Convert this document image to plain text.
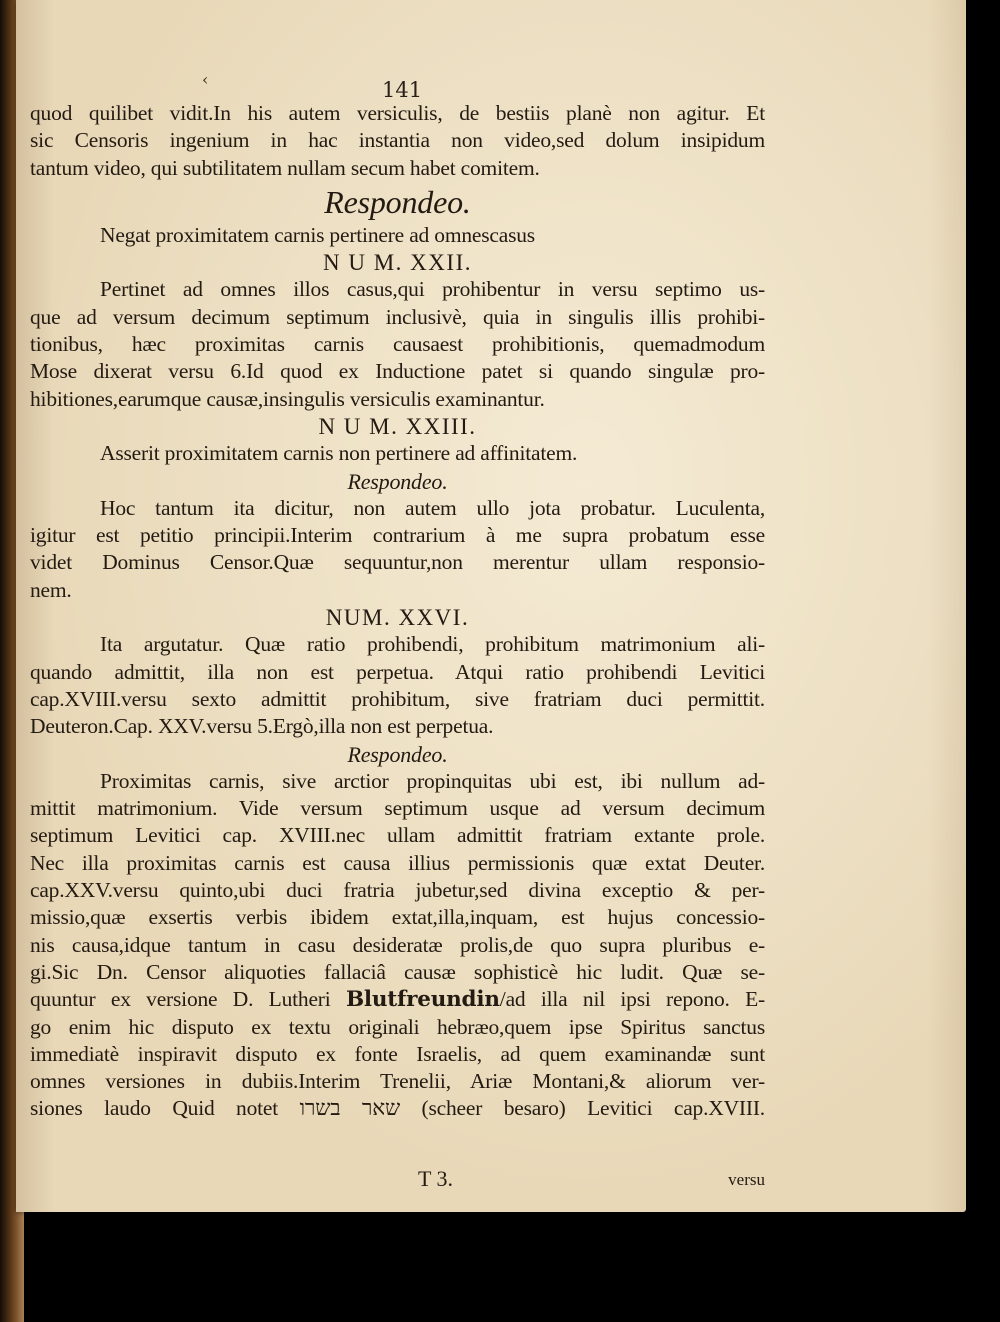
‹	141
quod quilibet vidit.In his autem versiculis, de bestiis planè non agitur. Et
sic Censoris ingenium in hac instantia non video,sed dolum insipidum
tantum video, qui subtilitatem nullam secum habet comitem.
Respondeo.
Negat proximitatem carnis pertinere ad omnescasus
N U M. XXII.
Pertinet ad omnes illos casus,qui prohibentur in versu septimo us-
que ad versum decimum septimum inclusivè, quia in singulis illis prohibi-
tionibus, hæc proximitas carnis causaest prohibitionis, quemadmodum
Mose dixerat versu 6.Id quod ex Inductione patet si quando singulæ pro-
hibitiones,earumque causæ,insingulis versiculis examinantur.
N U M. XXIII.
Asserit proximitatem carnis non pertinere ad affinitatem.
Respondeo.
Hoc tantum ita dicitur, non autem ullo jota probatur. Luculenta,
igitur est petitio principii.Interim contrarium à me supra probatum esse
videt Dominus Censor.Quæ sequuntur,non merentur ullam responsio-
nem.
NUM. XXVI.
Ita argutatur. Quæ ratio prohibendi, prohibitum matrimonium ali-
quando admittit, illa non est perpetua. Atqui ratio prohibendi Levitici
cap.XVIII.versu sexto admittit prohibitum, sive fratriam duci permittit.
Deuteron.Cap. XXV.versu 5.Ergò,illa non est perpetua.
Respondeo.
Proximitas carnis, sive arctior propinquitas ubi est, ibi nullum ad-
mittit matrimonium. Vide versum septimum usque ad versum decimum
septimum Levitici cap. XVIII.nec ullam admittit fratriam extante prole.
Nec illa proximitas carnis est causa illius permissionis quæ extat Deuter.
cap.XXV.versu quinto,ubi duci fratria jubetur,sed divina exceptio & per-
missio,quæ exsertis verbis ibidem extat,illa,inquam, est hujus concessio-
nis causa,idque tantum in casu desideratæ prolis,de quo supra pluribus e-
gi.Sic Dn. Censor aliquoties fallaciâ causæ sophisticè hic ludit. Quæ se-
quuntur ex versione D. Lutheri Blutfreundin/ad illa nil ipsi repono. E-
go enim hic disputo ex textu originali hebræo,quem ipse Spiritus sanctus
immediatè inspiravit disputo ex fonte Israelis, ad quem examinandæ sunt
omnes versiones in dubiis.Interim Trenelii, Ariæ Montani,& aliorum ver-
siones laudo Quid notet שאר בשרו (scheer besaro) Levitici cap.XVIII.
T 3.	versu
